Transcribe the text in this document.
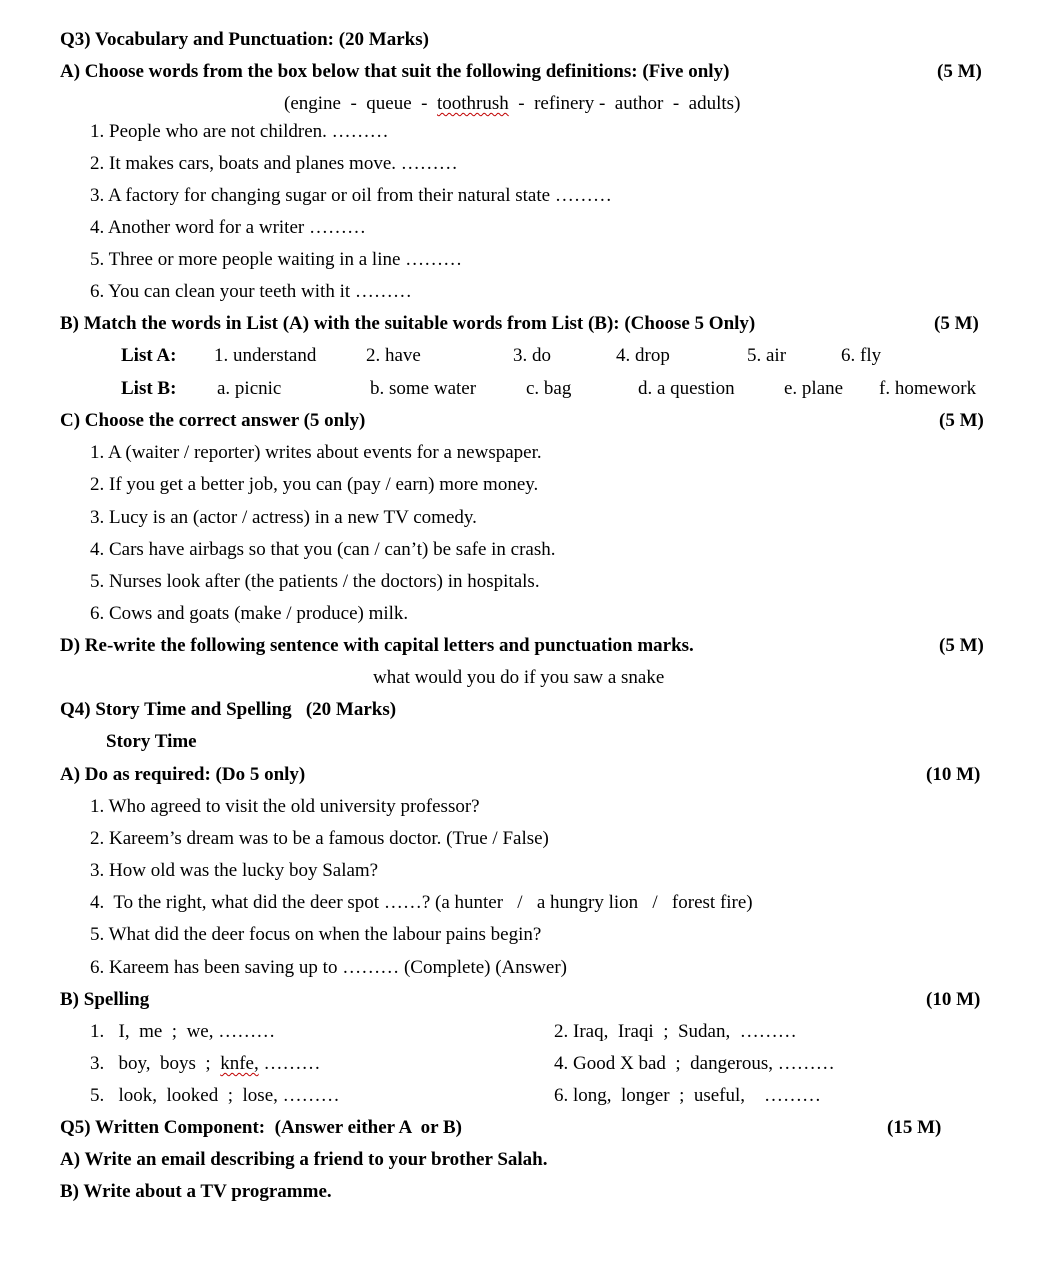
Q3) Vocabulary and Punctuation: (20 Marks)
A) Choose words from the box below that suit the following definitions: (Five only)	(5 M)
(engine  -  queue  -  toothrush  -  refinery -  author  -  adults)
1. People who are not children. ………
2. It makes cars, boats and planes move. ………
3. A factory for changing sugar or oil from their natural state ………
4. Another word for a writer ………
5. Three or more people waiting in a line ………
6. You can clean your teeth with it ………
B) Match the words in List (A) with the suitable words from List (B): (Choose 5 Only)	(5 M)
List A: 1. understand	2. have	3. do	4. drop	5. air	6. fly
List B: a. picnic	b. some water	c. bag	d. a question	e. plane f. homework
C) Choose the correct answer (5 only)	(5 M)
1. A (waiter / reporter) writes about events for a newspaper.
2. If you get a better job, you can (pay / earn) more money.
3. Lucy is an (actor / actress) in a new TV comedy.
4. Cars have airbags so that you (can / can’t) be safe in crash.
5. Nurses look after (the patients / the doctors) in hospitals.
6. Cows and goats (make / produce) milk.
D) Re-write the following sentence with capital letters and punctuation marks.	(5 M)
what would you do if you saw a snake
Q4) Story Time and Spelling   (20 Marks)
Story Time
A) Do as required: (Do 5 only)	(10 M)
1. Who agreed to visit the old university professor?
2. Kareem’s dream was to be a famous doctor. (True / False)
3. How old was the lucky boy Salam?
4.  To the right, what did the deer spot ……? (a hunter   /   a hungry lion   /   forest fire)
5. What did the deer focus on when the labour pains begin?
6. Kareem has been saving up to ……… (Complete) (Answer)
B) Spelling	(10 M)
1.   I,  me  ;  we, ………	2. Iraq,  Iraqi  ;  Sudan,  ………
3.   boy,  boys  ;  knfe, ………	4. Good X bad  ;  dangerous, ………
5.   look,  looked  ;  lose, ………	6. long,  longer  ;  useful,    ………
Q5) Written Component:  (Answer either A  or B)	(15 M)
A) Write an email describing a friend to your brother Salah.
B) Write about a TV programme.
